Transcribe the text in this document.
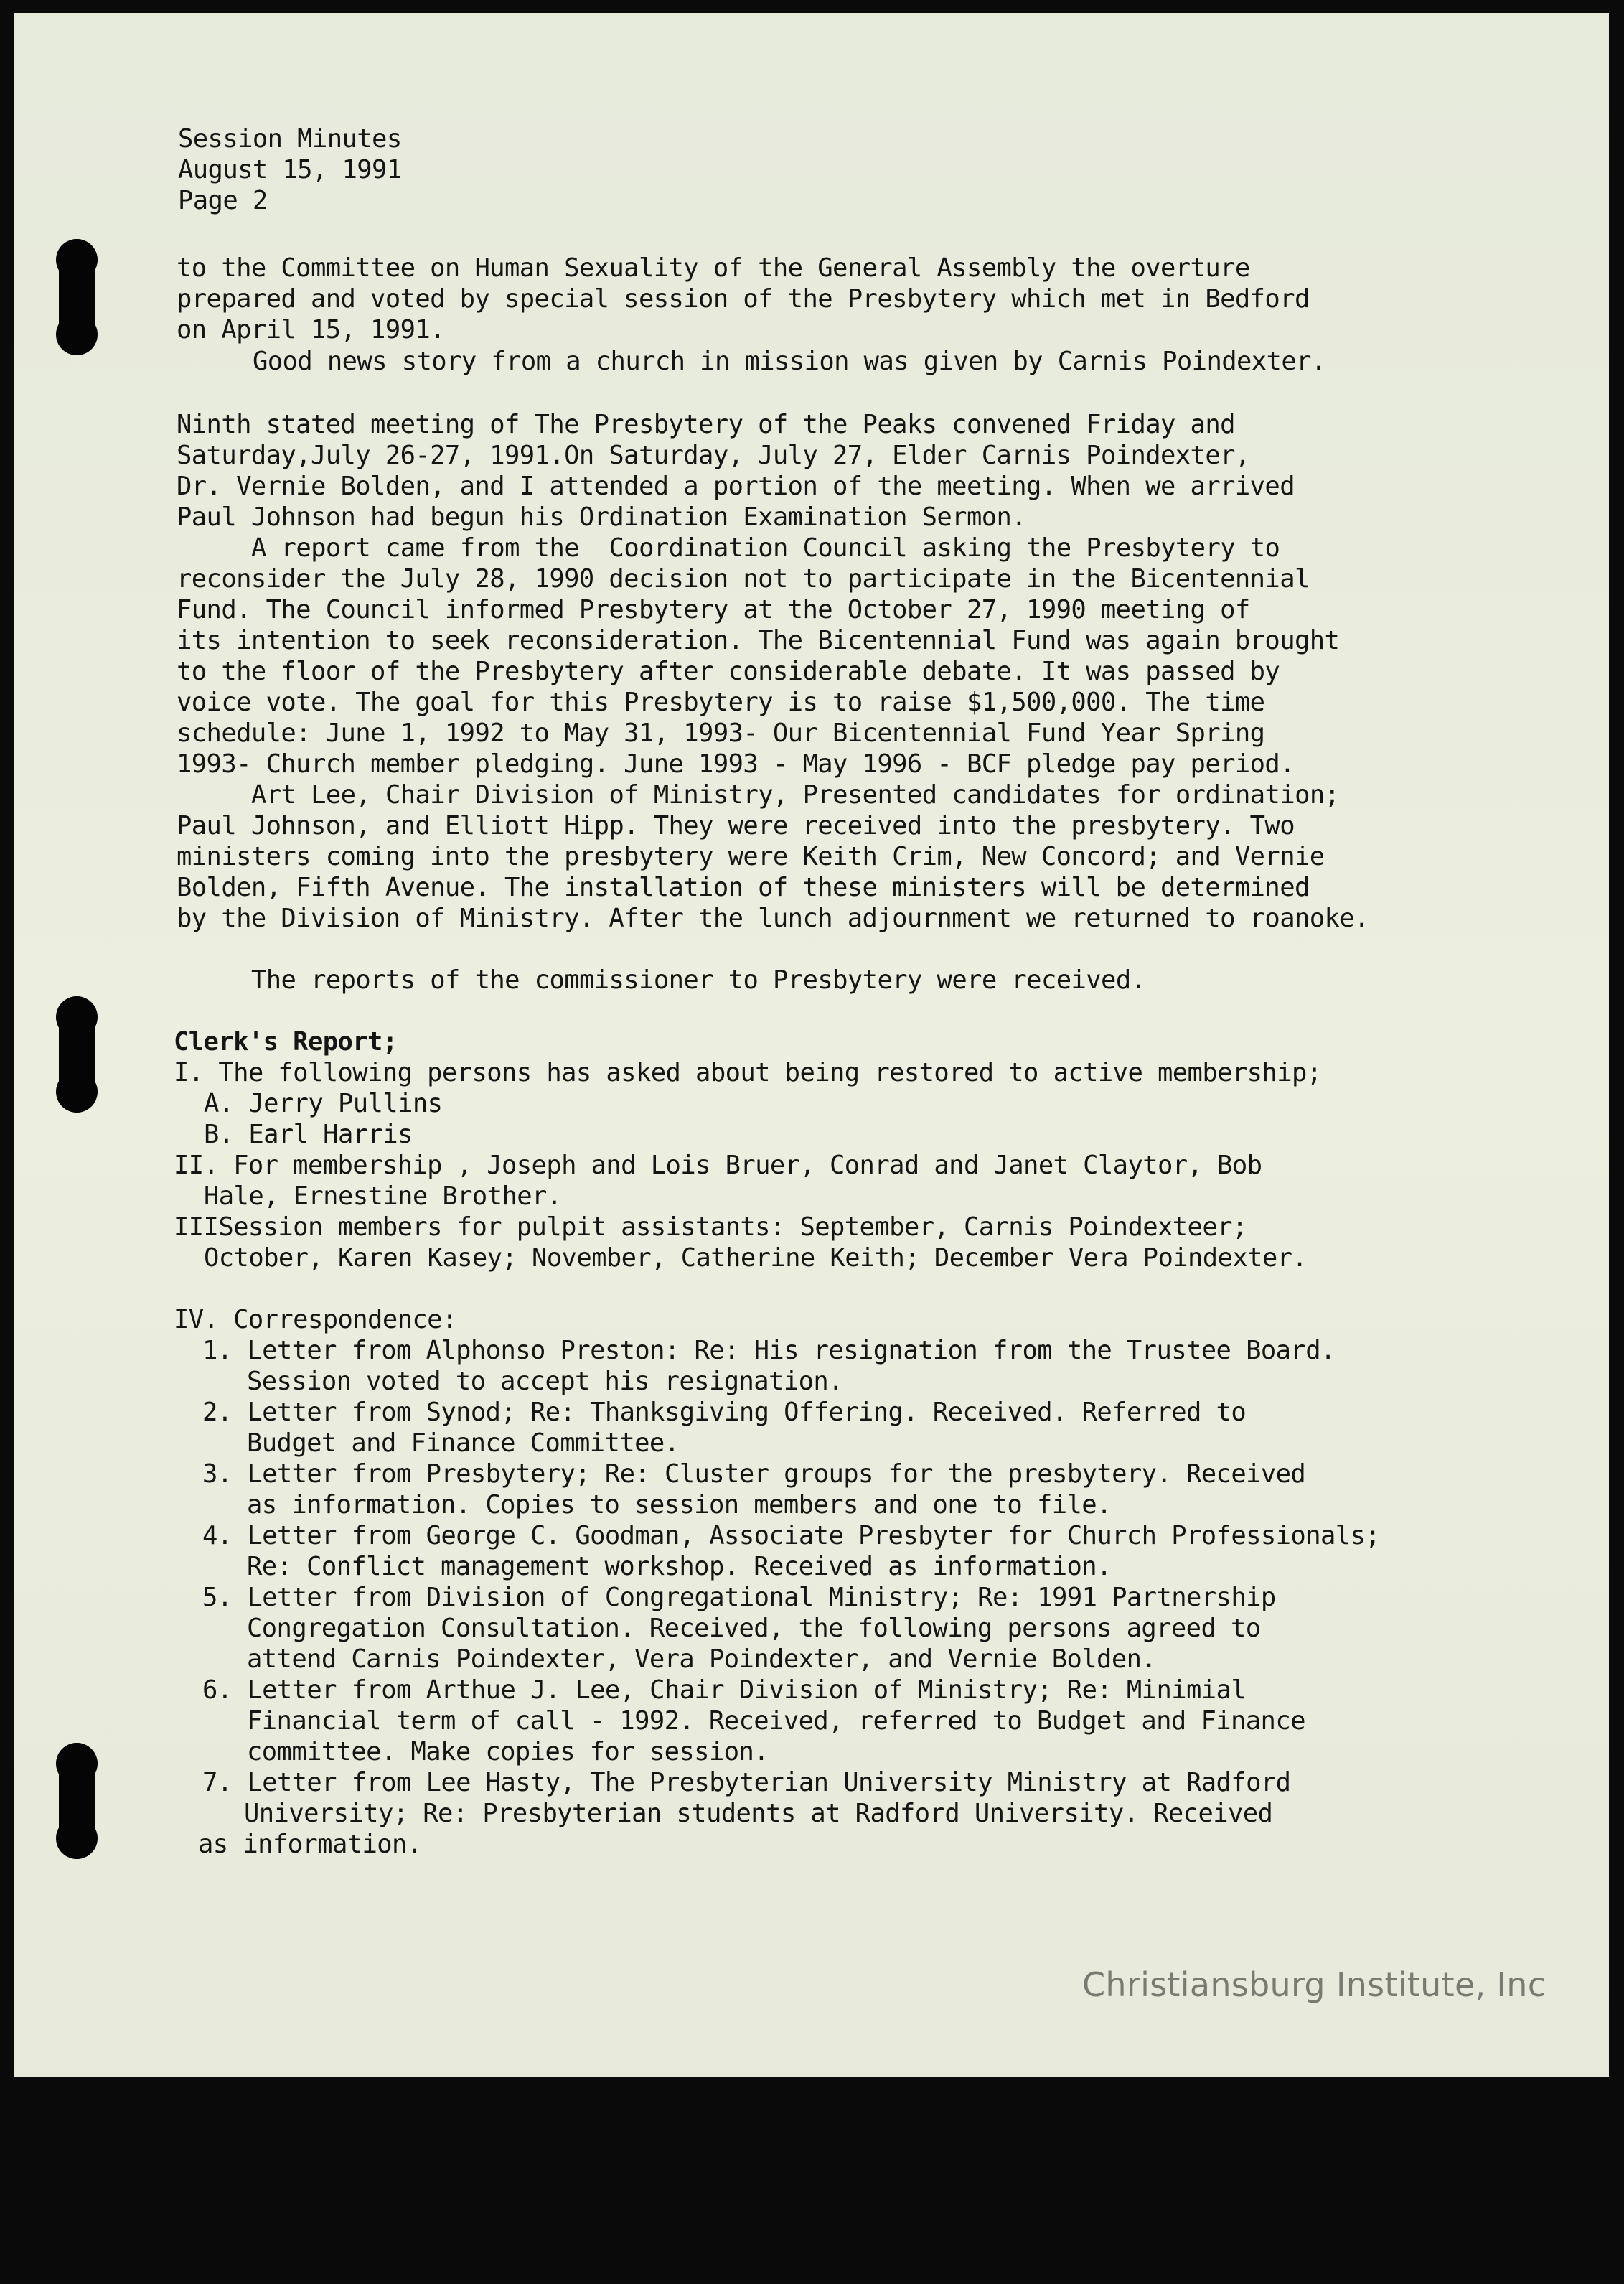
Session Minutes

August 15, 1991

Page 2

to the Committee on Human Sexuality of the General Assembly the overture

prepared and voted by special session of the Presbytery which met in Bedford

on April 15, 1991.

Good news story from a church in mission was given by Carnis Poindexter.

Ninth stated meeting of The Presbytery of the Peaks convened Friday and

Saturday,July 26-27, 1991.On Saturday, July 27, Elder Carnis Poindexter,

Dr. Vernie Bolden, and I attended a portion of the meeting. When we arrived

Paul Johnson had begun his Ordination Examination Sermon.

A report came from the  Coordination Council asking the Presbytery to

reconsider the July 28, 1990 decision not to participate in the Bicentennial

Fund. The Council informed Presbytery at the October 27, 1990 meeting of

its intention to seek reconsideration. The Bicentennial Fund was again brought

to the floor of the Presbytery after considerable debate. It was passed by

voice vote. The goal for this Presbytery is to raise $1,500,000. The time

schedule: June 1, 1992 to May 31, 1993- Our Bicentennial Fund Year Spring

1993- Church member pledging. June 1993 - May 1996 - BCF pledge pay period.

Art Lee, Chair Division of Ministry, Presented candidates for ordination;

Paul Johnson, and Elliott Hipp. They were received into the presbytery. Two

ministers coming into the presbytery were Keith Crim, New Concord; and Vernie

Bolden, Fifth Avenue. The installation of these ministers will be determined

by the Division of Ministry. After the lunch adjournment we returned to roanoke.

The reports of the commissioner to Presbytery were received.

Clerk's Report;

I. The following persons has asked about being restored to active membership;

A. Jerry Pullins

B. Earl Harris

II. For membership , Joseph and Lois Bruer, Conrad and Janet Claytor, Bob

Hale, Ernestine Brother.

IIISession members for pulpit assistants: September, Carnis Poindexteer;

October, Karen Kasey; November, Catherine Keith; December Vera Poindexter.

IV. Correspondence:

1. Letter from Alphonso Preston: Re: His resignation from the Trustee Board.

Session voted to accept his resignation.

2. Letter from Synod; Re: Thanksgiving Offering. Received. Referred to

Budget and Finance Committee.

3. Letter from Presbytery; Re: Cluster groups for the presbytery. Received

as information. Copies to session members and one to file.

4. Letter from George C. Goodman, Associate Presbyter for Church Professionals;

Re: Conflict management workshop. Received as information.

5. Letter from Division of Congregational Ministry; Re: 1991 Partnership

Congregation Consultation. Received, the following persons agreed to

attend Carnis Poindexter, Vera Poindexter, and Vernie Bolden.

6. Letter from Arthue J. Lee, Chair Division of Ministry; Re: Minimial

Financial term of call - 1992. Received, referred to Budget and Finance

committee. Make copies for session.

7. Letter from Lee Hasty, The Presbyterian University Ministry at Radford

University; Re: Presbyterian students at Radford University. Received

as information.

Christiansburg Institute, Inc
